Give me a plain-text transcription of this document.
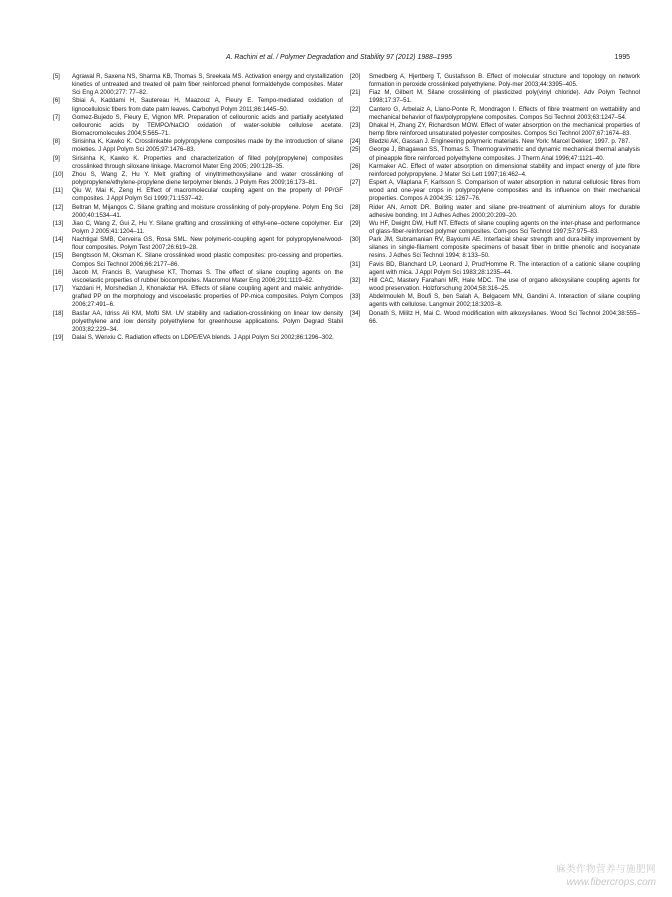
A. Rachini et al. / Polymer Degradation and Stability 97 (2012) 1988–1995	1995

[5] Agrawal R, Saxena NS, Sharma KB, Thomas S, Sreekala MS. Activation energy and crystallization kinetics of untreated and treated oil palm fiber reinforced phenol formaldehyde composites. Mater Sci Eng A 2000;277: 77–82.

[6] Sbiai A, Kaddami H, Sautereau H, Maazouz A, Fleury E. Tempo-mediated oxidation of lignocellulosic fibers from date palm leaves. Carbohyd Polym 2011;86:1445–50.

[7] Gomez-Bujedo S, Fleury E, Vignon MR. Preparation of cellouronic acids and partially acetylated cellouronic acids by TEMPO/NaClO oxidation of water-soluble cellulose acetate. Biomacromolecules 2004;5:565–71.

[8] Sirisinha K, Kawko K. Crosslinkable polypropylene composites made by the introduction of silane moieties. J Appl Polym Sci 2005;97:1476–83.

[9] Sirisinha K, Kawko K. Properties and characterization of filled poly(propylene) composites crosslinked through siloxane linkage. Macromol Mater Eng 2005; 290:128–35.

[10] Zhou S, Wang Z, Hu Y. Melt grafting of vinyltrimethoxysilane and water crosslinking of polypropylene/ethylene-propylene diene terpolymer blends. J Polym Res 2009;16:173–81.

[11] Qiu W, Mai K, Zeng H. Effect of macromolecular coupling agent on the property of PP/GF composites. J Appl Polym Sci 1999;71:1537–42.

[12] Beltran M, Mijangos C. Silane grafting and moisture crosslinking of poly-propylene. Polym Eng Sci 2000;40:1534–41.

[13] Jiao C, Wang Z, Gui Z, Hu Y. Silane grafting and crosslinking of ethyl-ene–octene copolymer. Eur Polym J 2005;41:1204–11.

[14] Nachtigal SMB, Cerveira GS, Rosa SML. New polymeric-coupling agent for polypropylene/wood-flour composites. Polym Test 2007;26:619–28.

[15] Bengtsson M, Oksman K. Silane crosslinked wood plastic composites: pro-cessing and properties. Compos Sci Technol 2006;66:2177–86.

[16] Jacob M, Francis B, Varughese KT, Thomas S. The effect of silane coupling agents on the viscoelastic properties of rubber biocomposites. Macromol Mater Eng 2006;291:1119–62.

[17] Yazdani H, Morshedian J, Khonakdar HA. Effects of silane coupling agent and maleic anhydride-grafted PP on the morphology and viscoelastic properties of PP-mica composites. Polym Compos 2006;27:491–6.

[18] Basfar AA, Idriss Ali KM, Mofti SM. UV stability and radiation-crosslinking on linear low density polyethylene and low density polyethylene for greenhouse applications. Polym Degrad Stabil 2003;82:229–34.

[19] Dalai S, Wenxiu C. Radiation effects on LDPE/EVA blends. J Appl Polym Sci 2002;86:1296–302.

[20] Smedberg A, Hjertberg T, Gustafsson B. Effect of molecular structure and topology on network formation in peroxide crosslinked polyethylene. Poly-mer 2003;44:3395–405.

[21] Fiaz M, Gilbert M. Silane crosslinking of plasticized poly(vinyl chloride). Adv Polym Technol 1998;17:37–51.

[22] Cantero G, Arbelaiz A, Llano-Ponte R, Mondragon I. Effects of fibre treatment on wettability and mechanical behavior of flax/polypropylene composites. Compos Sci Technol 2003;63:1247–54.

[23] Dhakal H, Zhang ZY, Richardson MOW. Effect of water absorption on the mechanical properties of hemp fibre reinforced unsaturated polyester composites. Compos Sci Technol 2007;67:1674–83.

[24] Bledzki AK, Gassan J. Engineering polymeric materials. New York: Marcel Dekker; 1997. p. 787.

[25] George J, Bhagawan SS, Thomas S. Thermogravimetric and dynamic mechanical thermal analysis of pineapple fibre reinforced polyethylene composites. J Therm Anal 1996;47:1121–40.

[26] Karmaker AC. Effect of water absorption on dimensional stability and impact energy of jute fibre reinforced polypropylene. J Mater Sci Lett 1997;16:462–4.

[27] Espert A, Vilaplana F, Karlsson S. Comparison of water absorption in natural cellulosic fibres from wood and one-year crops in polypropylene composites and its influence on their mechanical properties. Compos A 2004;35: 1267–76.

[28] Rider AN, Arnott DR. Boiling water and silane pre-treatment of aluminium alloys for durable adhesive bonding. Int J Adhes Adhes 2000;20:209–20.

[29] Wu HF, Dwight DW, Huff NT. Effects of silane coupling agents on the inter-phase and performance of glass-fiber-reinforced polymer composites. Com-pos Sci Technol 1997;57:975–83.

[30] Park JM, Subramanian RV, Bayoumi AE. Interfacial shear strength and dura-bility improvement by silanes in single-filament composite specimens of basalt fiber in brittle phenolic and isocyanate resins. J Adhes Sci Technol 1994; 8:133–50.

[31] Favis BD, Blanchard LP, Leonard J, Prud'Homme R. The interaction of a cationic silane coupling agent with mica. J Appl Polym Sci 1983;28:1235–44.

[32] Hill CAC, Mastery Farahani MR, Hale MDC. The use of organo alkoxysilane coupling agents for wood preservation. Holzforschung 2004;58:316–25.

[33] Abdelmouleh M, Boufi S, ben Salah A, Belgacem MN, Gandini A. Interaction of silane coupling agents with cellulose. Langmuir 2002;18:3203–8.

[34] Donath S, Militz H, Mai C. Wood modification with alkoxysilanes. Wood Sci Technol 2004;38:555–66.

麻类作物营养与施肥网
www.fibercrops.com
